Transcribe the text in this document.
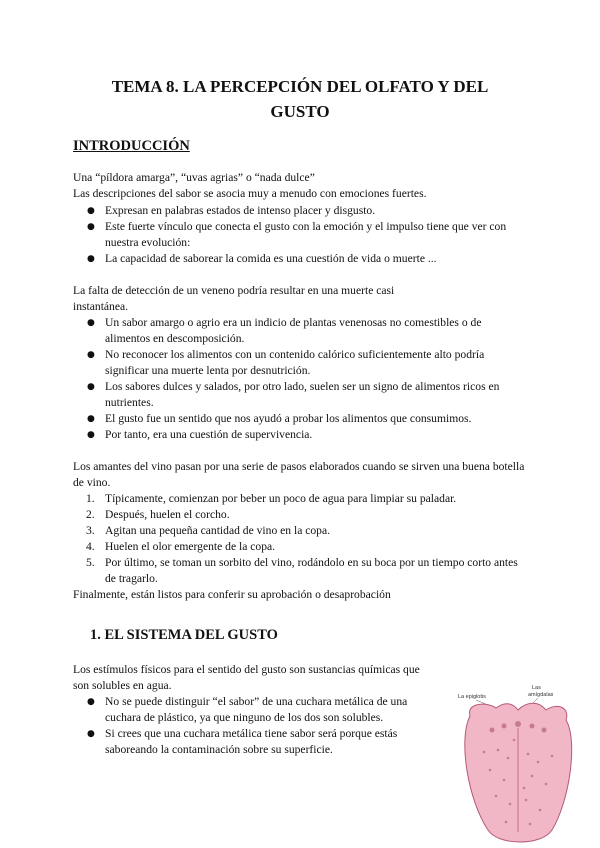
TEMA 8. LA PERCEPCIÓN DEL OLFATO Y DEL
GUSTO
INTRODUCCIÓN

Una “píldora amarga”, “uvas agrias” o “nada dulce”

Las descripciones del sabor se asocia muy a menudo con emociones fuertes.

● Expresan en palabras estados de intenso placer y disgusto.
● Este fuerte vínculo que conecta el gusto con la emoción y el impulso tiene que ver con nuestra evolución:
● La capacidad de saborear la comida es una cuestión de vida o muerte ...

La falta de detección de un veneno podría resultar en una muerte casi

instantánea.

● Un sabor amargo o agrio era un indicio de plantas venenosas no comestibles o de alimentos en descomposición.
● No reconocer los alimentos con un contenido calórico suficientemente alto podría significar una muerte lenta por desnutrición.
● Los sabores dulces y salados, por otro lado, suelen ser un signo de alimentos ricos en nutrientes.
● El gusto fue un sentido que nos ayudó a probar los alimentos que consumimos.
● Por tanto, era una cuestión de supervivencia.

Los amantes del vino pasan por una serie de pasos elaborados cuando se sirven una buena botella de vino.

1. Típicamente, comienzan por beber un poco de agua para limpiar su paladar.
2. Después, huelen el corcho.
3. Agitan una pequeña cantidad de vino en la copa.
4. Huelen el olor emergente de la copa.
5. Por último, se toman un sorbito del vino, rodándolo en su boca por un tiempo corto antes de tragarlo.

Finalmente, están listos para conferir su aprobación o desaprobación

1. EL SISTEMA DEL GUSTO

Los estímulos físicos para el sentido del gusto son sustancias químicas que

son solubles en agua.

● No se puede distinguir “el sabor” de una cuchara metálica de una cuchara de plástico, ya que ninguno de los dos son solubles.
● Si crees que una cuchara metálica tiene sabor será porque estás saboreando la contaminación sobre su superficie.
La epiglotis
Las
amígdalas
